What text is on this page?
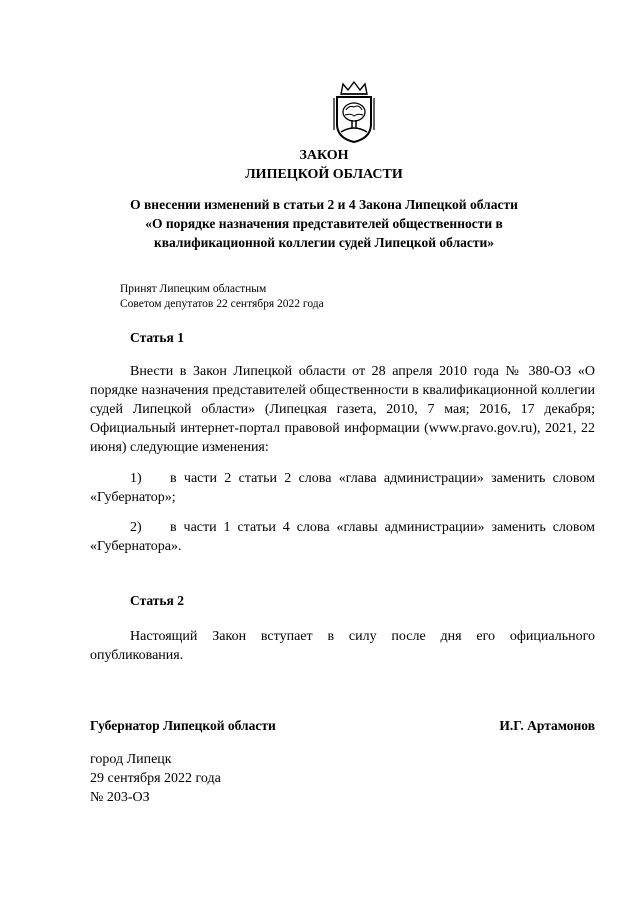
ЗАКОН
ЛИПЕЦКОЙ ОБЛАСТИ
О внесении изменений в статьи 2 и 4 Закона Липецкой области
«О порядке назначения представителей общественности в
квалификационной коллегии судей Липецкой области»
Принят Липецким областным
Советом депутатов 22 сентября 2022 года
Статья 1
Внести в Закон Липецкой области от 28 апреля 2010 года № 380-ОЗ «О порядке назначения представителей общественности в квалификационной коллегии судей Липецкой области» (Липецкая газета, 2010, 7 мая; 2016, 17 декабря; Официальный интернет-портал правовой информации (www.pravo.gov.ru), 2021, 22 июня) следующие изменения:
1) в части 2 статьи 2 слова «глава администрации» заменить словом «Губернатор»;
2) в части 1 статьи 4 слова «главы администрации» заменить словом «Губернатора».
Статья 2
Настоящий Закон вступает в силу после дня его официального опубликования.
Губернатор Липецкой области	И.Г. Артамонов
город Липецк
29 сентября 2022 года
№ 203-ОЗ
